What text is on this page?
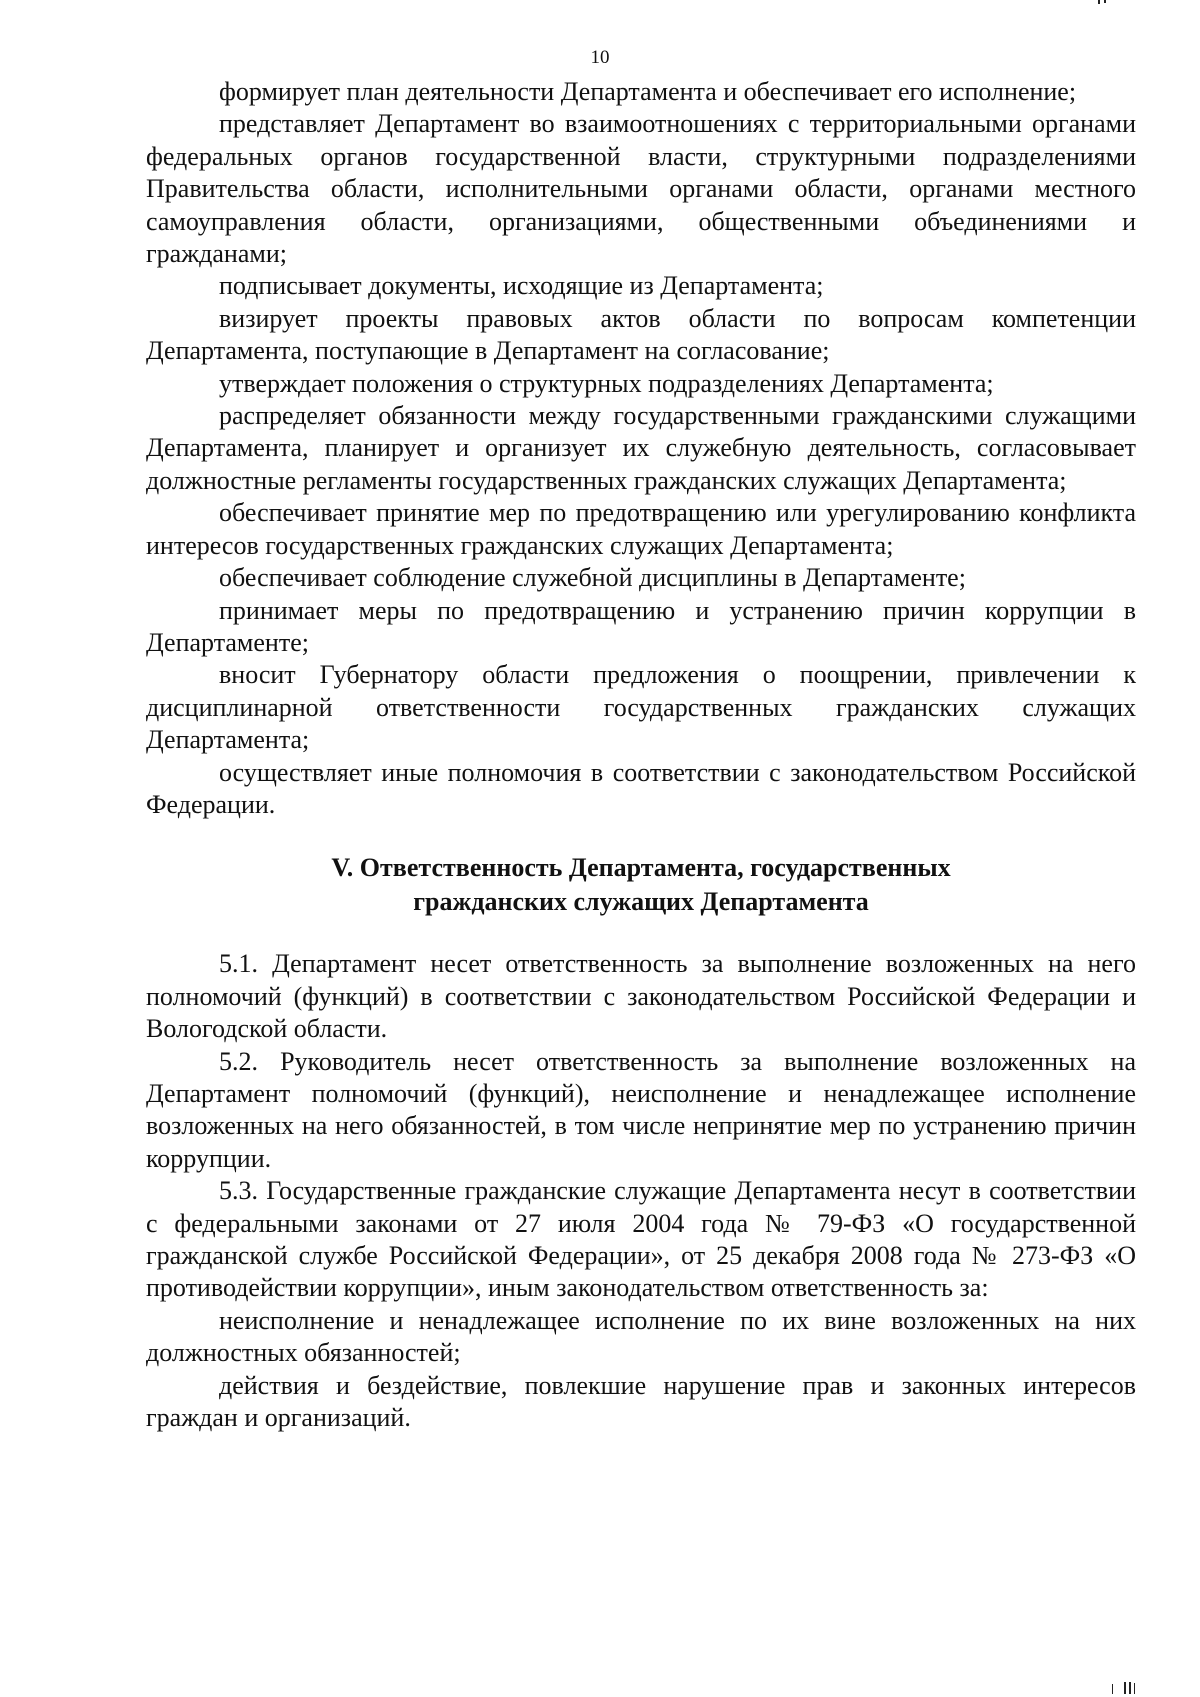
10

формирует план деятельности Департамента и обеспечивает его исполнение;

представляет Департамент во взаимоотношениях с территориальными органами федеральных органов государственной власти, структурными подразделениями Правительства области, исполнительными органами области, органами местного самоуправления области, организациями, общественными объединениями и гражданами;

подписывает документы, исходящие из Департамента;

визирует проекты правовых актов области по вопросам компетенции Департамента, поступающие в Департамент на согласование;

утверждает положения о структурных подразделениях Департамента;

распределяет обязанности между государственными гражданскими служащими Департамента, планирует и организует их служебную деятельность, согласовывает должностные регламенты государственных гражданских служащих Департамента;

обеспечивает принятие мер по предотвращению или урегулированию конфликта интересов государственных гражданских служащих Департамента;

обеспечивает соблюдение служебной дисциплины в Департаменте;

принимает меры по предотвращению и устранению причин коррупции в Департаменте;

вносит Губернатору области предложения о поощрении, привлечении к дисциплинарной ответственности государственных гражданских служащих Департамента;

осуществляет иные полномочия в соответствии с законодательством Российской Федерации.

V. Ответственность Департамента, государственных
гражданских служащих Департамента

5.1. Департамент несет ответственность за выполнение возложенных на него полномочий (функций) в соответствии с законодательством Российской Федерации и Вологодской области.

5.2. Руководитель несет ответственность за выполнение возложенных на Департамент полномочий (функций), неисполнение и ненадлежащее исполнение возложенных на него обязанностей, в том числе непринятие мер по устранению причин коррупции.

5.3. Государственные гражданские служащие Департамента несут в соответствии с федеральными законами от 27 июля 2004 года № 79-ФЗ «О государственной гражданской службе Российской Федерации», от 25 декабря 2008 года № 273-ФЗ «О противодействии коррупции», иным законодательством ответственность за:

неисполнение и ненадлежащее исполнение по их вине возложенных на них должностных обязанностей;

действия и бездействие, повлекшие нарушение прав и законных интересов граждан и организаций.
